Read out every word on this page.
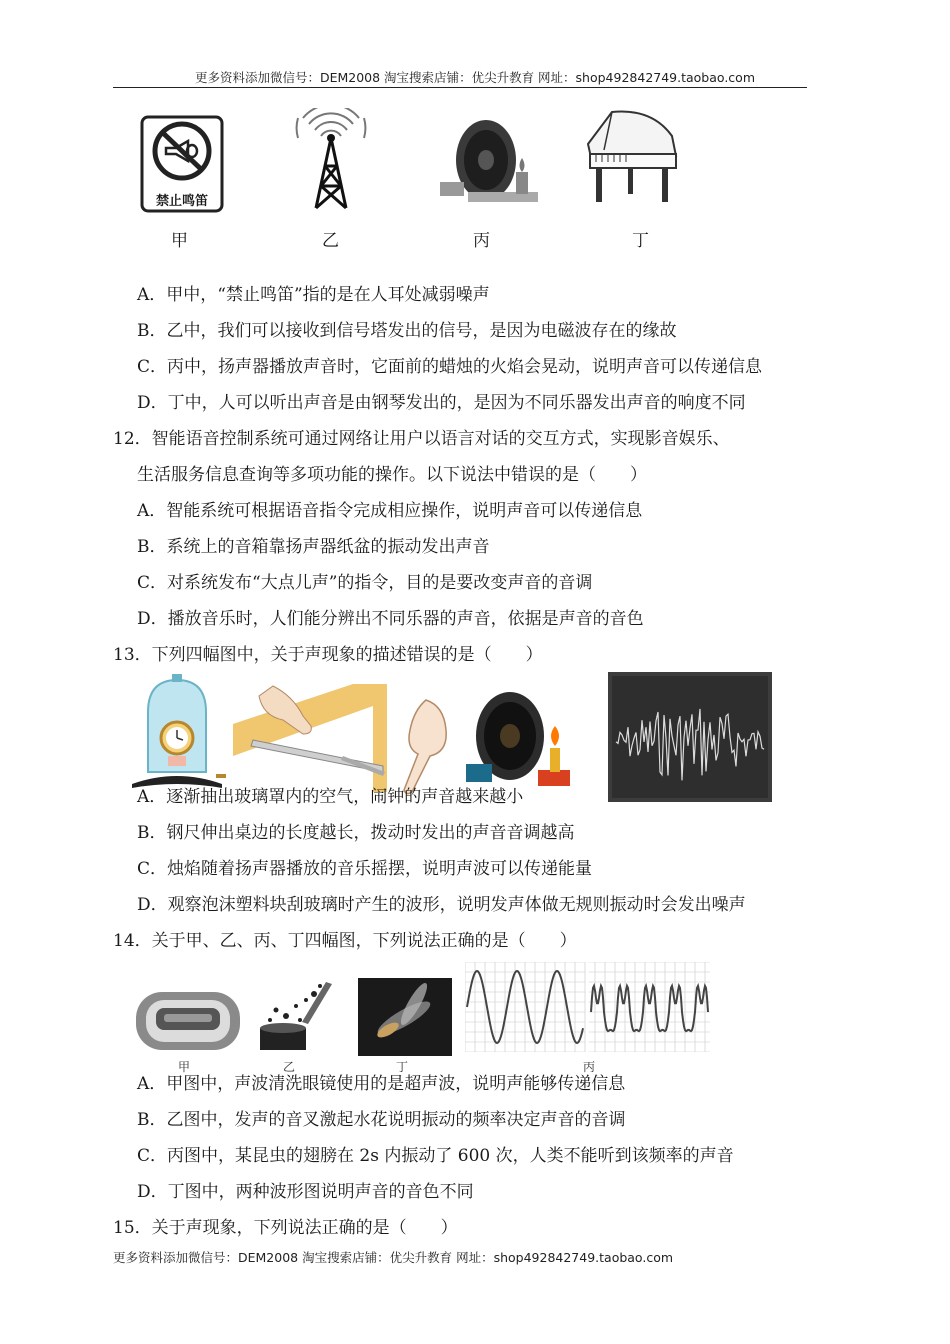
更多资料添加微信号：DEM2008 淘宝搜索店铺：优尖升教育 网址：shop492842749.taobao.com
禁止鸣笛
甲	乙	丙	丁
A．甲中，“禁止鸣笛”指的是在人耳处减弱噪声
B．乙中，我们可以接收到信号塔发出的信号，是因为电磁波存在的缘故
C．丙中，扬声器播放声音时，它面前的蜡烛的火焰会晃动，说明声音可以传递信息
D．丁中，人可以听出声音是由钢琴发出的，是因为不同乐器发出声音的响度不同
12．智能语音控制系统可通过网络让用户以语言对话的交互方式，实现影音娱乐、
生活服务信息查询等多项功能的操作。以下说法中错误的是（　　）
A．智能系统可根据语音指令完成相应操作，说明声音可以传递信息
B．系统上的音箱靠扬声器纸盆的振动发出声音
C．对系统发布“大点儿声”的指令，目的是要改变声音的音调
D．播放音乐时，人们能分辨出不同乐器的声音，依据是声音的音色
13．下列四幅图中，关于声现象的描述错误的是（　　）
A．逐渐抽出玻璃罩内的空气，闹钟的声音越来越小
B．钢尺伸出桌边的长度越长，拨动时发出的声音音调越高
C．烛焰随着扬声器播放的音乐摇摆，说明声波可以传递能量
D．观察泡沫塑料块刮玻璃时产生的波形，说明发声体做无规则振动时会发出噪声
14．关于甲、乙、丙、丁四幅图，下列说法正确的是（　　）
甲	乙	丁	丙
A．甲图中，声波清洗眼镜使用的是超声波，说明声能够传递信息
B．乙图中，发声的音叉激起水花说明振动的频率决定声音的音调
C．丙图中，某昆虫的翅膀在 2s 内振动了 600 次，人类不能听到该频率的声音
D．丁图中，两种波形图说明声音的音色不同
15．关于声现象，下列说法正确的是（　　）
更多资料添加微信号：DEM2008 淘宝搜索店铺：优尖升教育 网址：shop492842749.taobao.com
